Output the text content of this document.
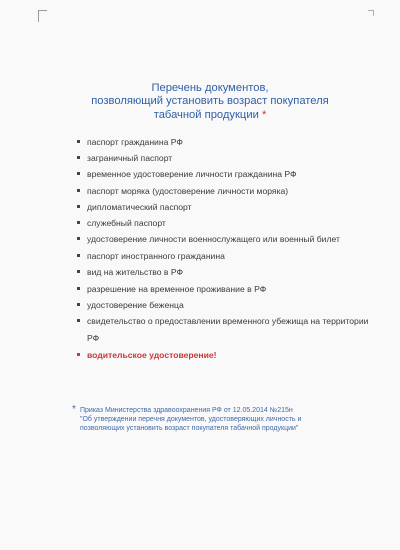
Перечень документов,
позволяющий установить возраст покупателя
табачной продукции *
паспорт гражданина РФ
заграничный паспорт
временное удостоверение личности гражданина РФ
паспорт моряка (удостоверение личности моряка)
дипломатический паспорт
служебный паспорт
удостоверение личности военнослужащего или военный билет
паспорт иностранного гражданина
вид на жительство в РФ
разрешение на временное проживание в РФ
удостоверение беженца
свидетельство о предоставлении временного убежища на территории РФ
водительское удостоверение!
* Приказ Министерства здравоохранения РФ от 12.05.2014 №215н
"Об утверждении перечня документов, удостоверяющих личность и
позволяющих установить возраст покупателя табачной продукции"
